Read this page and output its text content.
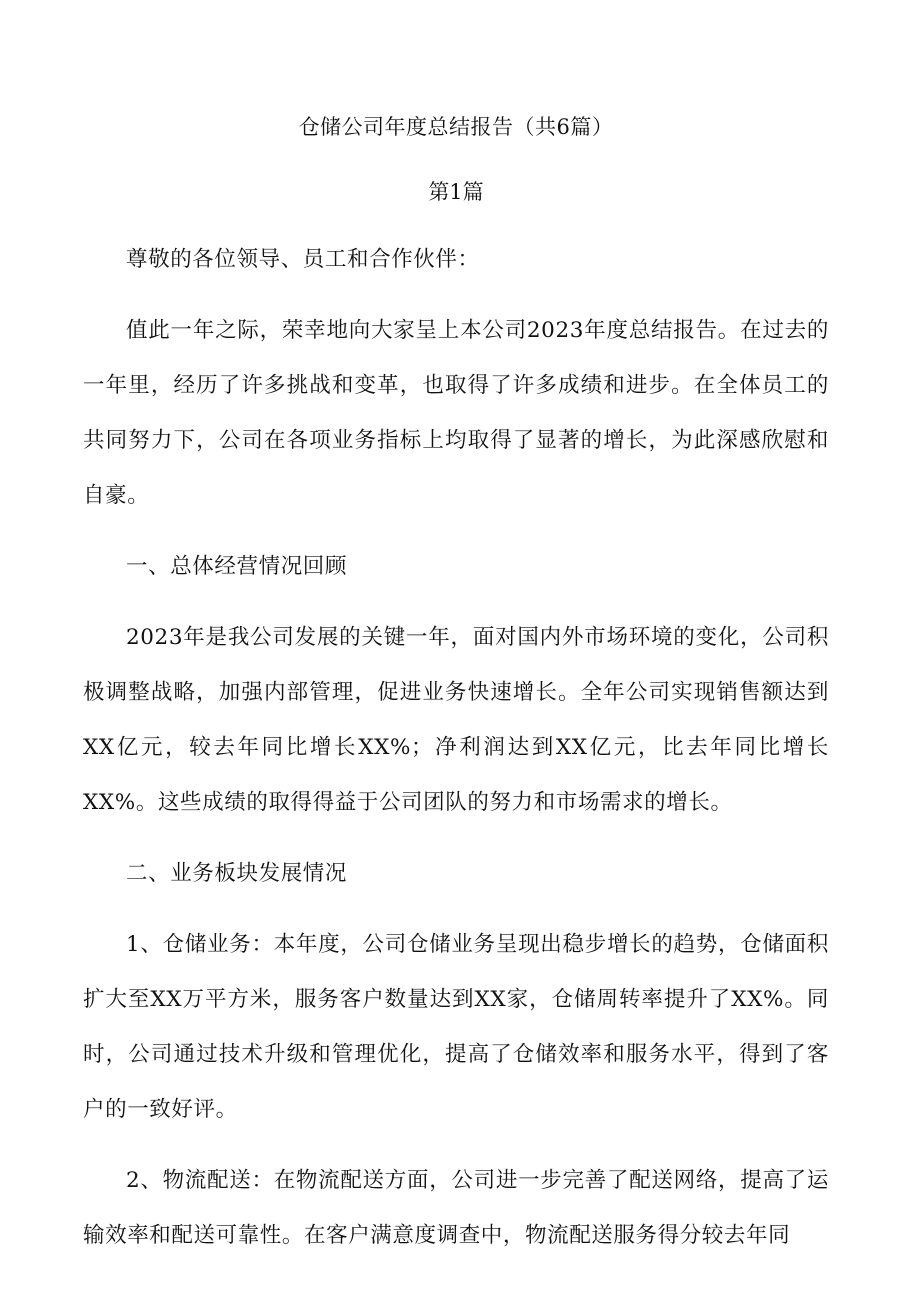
仓储公司年度总结报告（共6篇）
第1篇

尊敬的各位领导、员工和合作伙伴：

值此一年之际，荣幸地向大家呈上本公司2023年度总结报告。在过去的一年里，经历了许多挑战和变革，也取得了许多成绩和进步。在全体员工的共同努力下，公司在各项业务指标上均取得了显著的增长，为此深感欣慰和自豪。

一、总体经营情况回顾

2023年是我公司发展的关键一年，面对国内外市场环境的变化，公司积极调整战略，加强内部管理，促进业务快速增长。全年公司实现销售额达到XX亿元，较去年同比增长XX%；净利润达到XX亿元，比去年同比增长XX%。这些成绩的取得得益于公司团队的努力和市场需求的增长。

二、业务板块发展情况

1、仓储业务：本年度，公司仓储业务呈现出稳步增长的趋势，仓储面积扩大至XX万平方米，服务客户数量达到XX家，仓储周转率提升了XX%。同时，公司通过技术升级和管理优化，提高了仓储效率和服务水平，得到了客户的一致好评。

2、物流配送：在物流配送方面，公司进一步完善了配送网络，提高了运输效率和配送可靠性。在客户满意度调查中，物流配送服务得分较去年同
